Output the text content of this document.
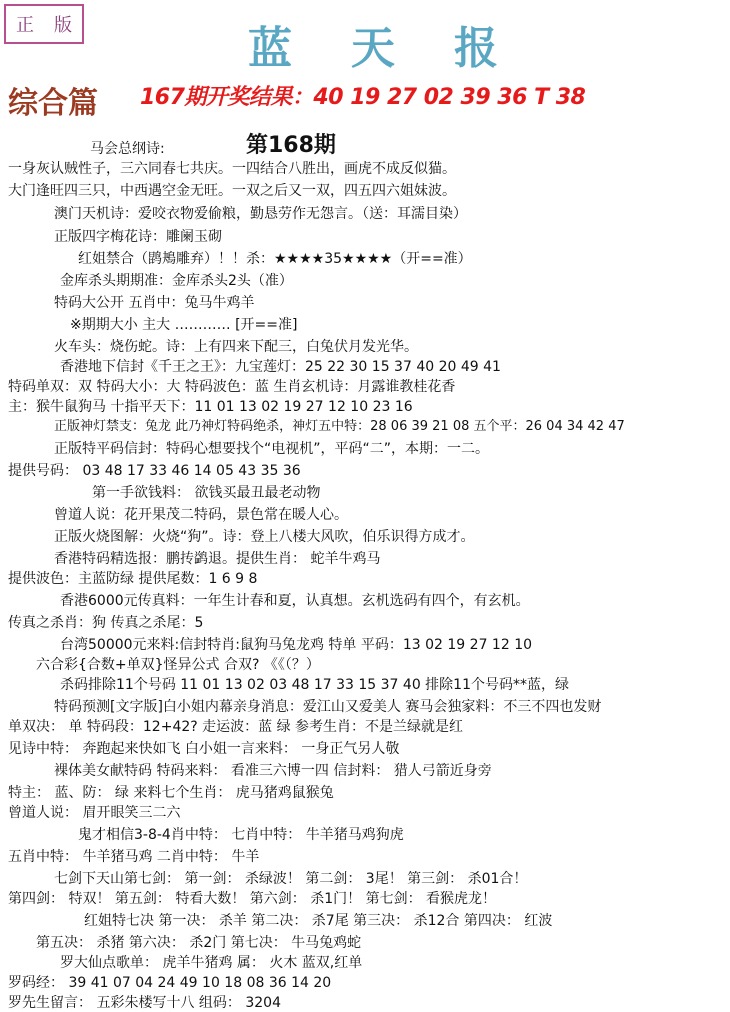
正 版	蓝 天 报
综合篇 167期开奖结果：40 19 27 02 39 36 T 38
第168期
马会总纲诗:
一身灰认贼性子，三六同春七共庆。一四结合八胜出，画虎不成反似猫。
大门逢旺四三只，中西遇空金无旺。一双之后又一双，四五四六姐妹波。
澳门天机诗：爱咬衣物爱偷粮，勤恳劳作无怨言。（送：耳濡目染）
正版四字梅花诗：雕阑玉砌
红姐禁合（鹍鴂雕弃）！！杀：★★★★35★★★★（开==准）
金库杀头期期准：金库杀头2头（准）
特码大公开 五肖中：兔马牛鸡羊
※期期大小 主大 ………… [开==准]
火车头：烧伤蛇。诗：上有四来下配三，白兔伏月发光华。
香港地下信封《千王之王》：九宝莲灯：25 22 30 15 37 40 20 49 41
特码单双：双 特码大小：大 特码波色：蓝 生肖玄机诗：月露谁教桂花香
主：猴牛鼠狗马 十指平天下：11 01 13 02 19 27 12 10 23 16
正版神灯禁支：兔龙 此乃神灯特码绝杀，神灯五中特：28 06 39 21 08 五个平：26 04 34 42 47
正版特平码信封：特码心想要找个“电视机”，平码“二”，本期：一二。
提供号码： 03 48 17 33 46 14 05 43 35 36
第一手欲钱料： 欲钱买最丑最老动物
曾道人说：花开果茂二特码，景色常在暖人心。
正版火烧图解：火烧“狗”。诗：登上八楼大风吹，伯乐识得方成才。
香港特码精选报：鹏抟鹢退。提供生肖： 蛇羊牛鸡马
提供波色：主蓝防绿 提供尾数：1 6 9 8
香港6000元传真料：一年生计春和夏，认真想。玄机选码有四个，有玄机。
传真之杀肖：狗 传真之杀尾：5
台湾50000元来料:信封特肖:鼠狗马兔龙鸡 特单 平码：13 02 19 27 12 10
六合彩{合数+单双}怪异公式 合双? 《《（？）
杀码排除11个号码 11 01 13 02 03 48 17 33 15 37 40 排除11个号码**蓝，绿
特码预测[文字版]白小姐内幕亲身消息：爱江山又爱美人 赛马会独家料：不三不四也发财
单双决： 单 特码段：12+42? 走运波：蓝 绿 参考生肖：不是兰绿就是红
见诗中特： 奔跑起来快如飞 白小姐一言来料： 一身正气另人敬
裸体美女献特码 特码来料： 看准三六博一四 信封料： 猎人弓箭近身旁
特主： 蓝、防： 绿 来料七个生肖： 虎马猪鸡鼠猴兔
曾道人说： 眉开眼笑三二六
鬼才相信3-8-4肖中特： 七肖中特： 牛羊猪马鸡狗虎
五肖中特： 牛羊猪马鸡 二肖中特： 牛羊
七剑下天山第七剑： 第一剑： 杀绿波！ 第二剑： 3尾！ 第三剑： 杀01合！
第四剑： 特双！ 第五剑： 特看大数！ 第六剑： 杀1门！ 第七剑： 看猴虎龙！
红姐特七决 第一决： 杀羊 第二决： 杀7尾 第三决： 杀12合 第四决： 红波
第五决： 杀猪 第六决： 杀2门 第七决： 牛马兔鸡蛇
罗大仙点歌单： 虎羊牛猪鸡 属： 火木 蓝双,红单
罗码经： 39 41 07 04 24 49 10 18 08 36 14 20
罗先生留言： 五彩朱楼写十八 组码： 3204
